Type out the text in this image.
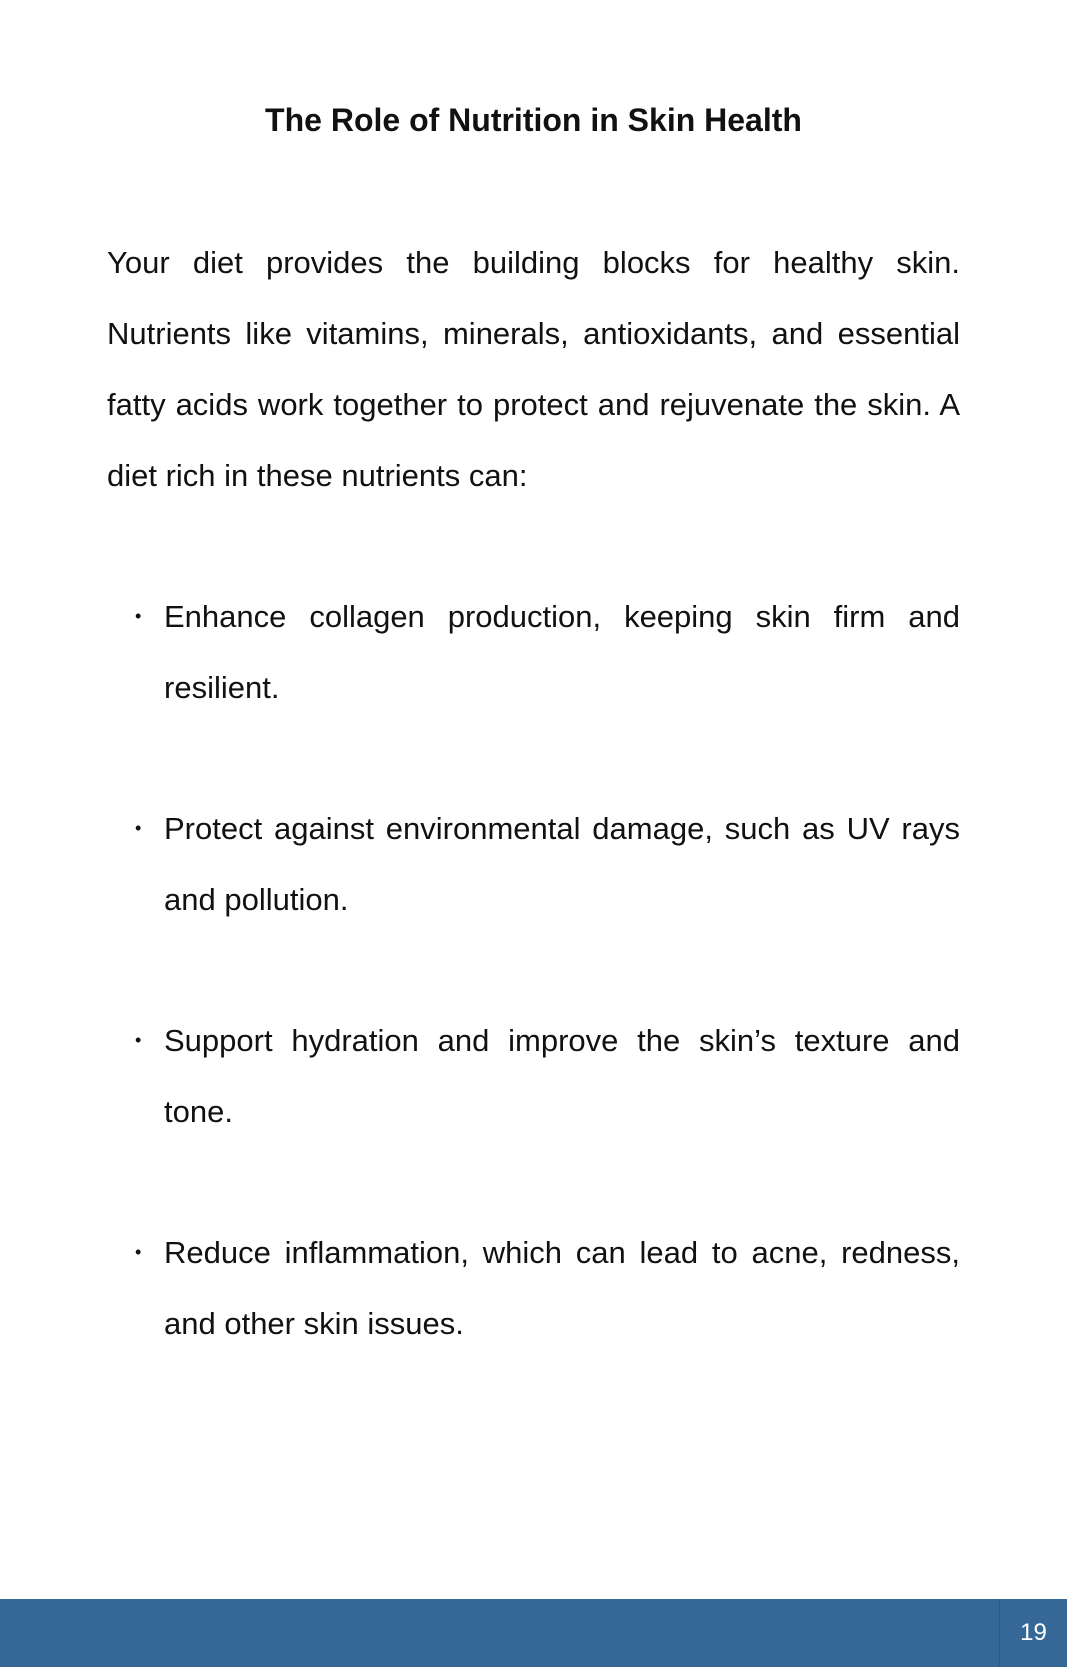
The Role of Nutrition in Skin Health

Your diet provides the building blocks for healthy skin. Nutrients like vitamins, minerals, antioxidants, and essential fatty acids work together to protect and rejuvenate the skin. A diet rich in these nutrients can:

• Enhance collagen production, keeping skin firm and resilient.
• Protect against environmental damage, such as UV rays and pollution.
• Support hydration and improve the skin’s texture and tone.
• Reduce inflammation, which can lead to acne, redness, and other skin issues.
19
